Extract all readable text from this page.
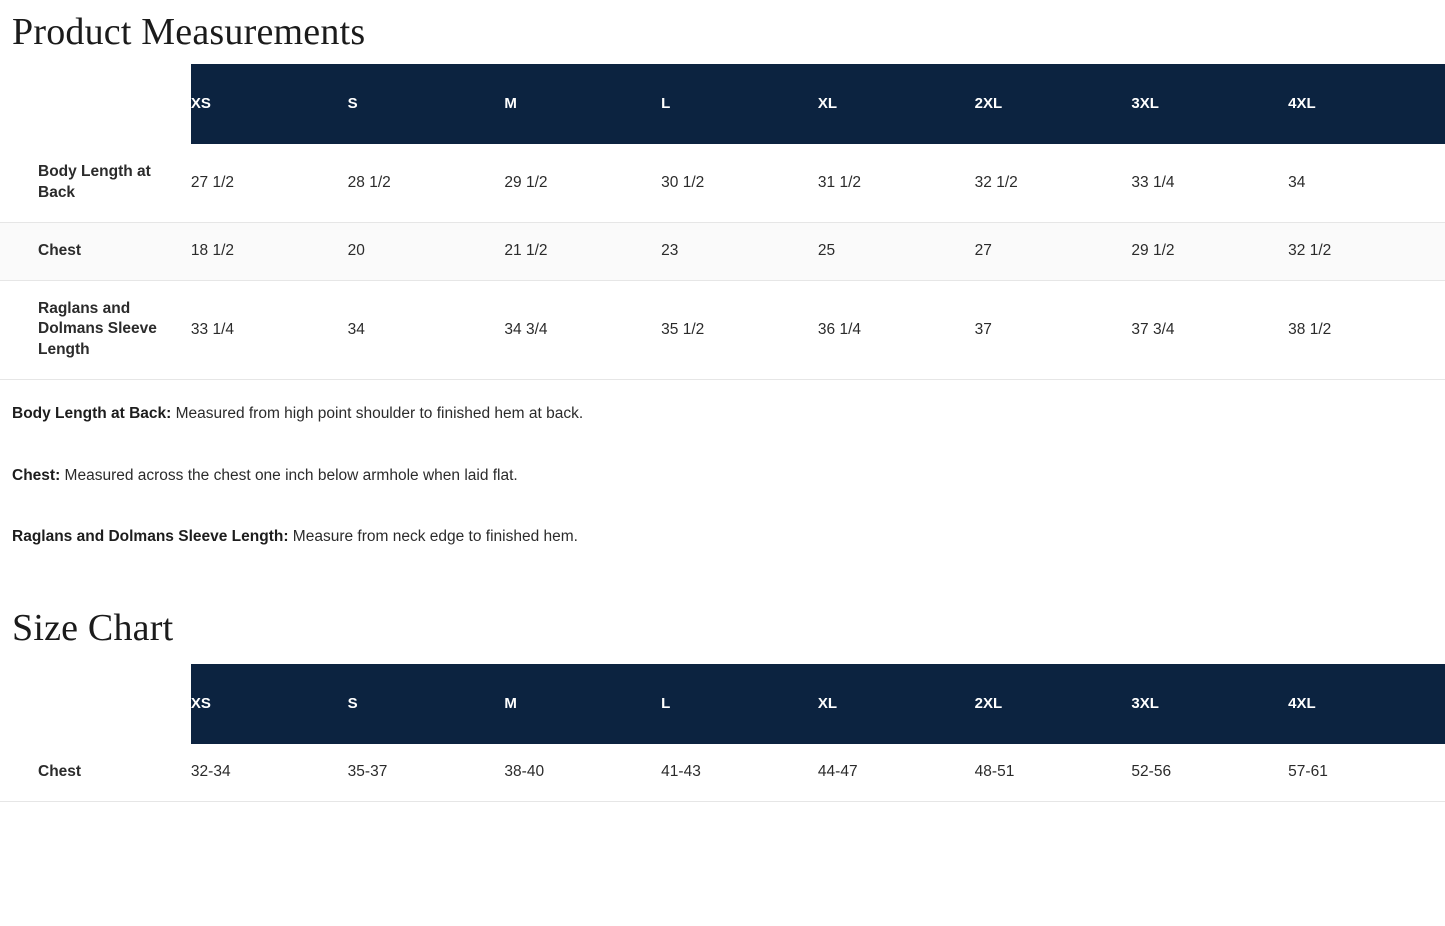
Product Measurements
	XS	S	M	L	XL	2XL	3XL	4XL
Body Length at Back	27 1/2	28 1/2	29 1/2	30 1/2	31 1/2	32 1/2	33 1/4	34
Chest	18 1/2	20	21 1/2	23	25	27	29 1/2	32 1/2
Raglans and Dolmans Sleeve Length	33 1/4	34	34 3/4	35 1/2	36 1/4	37	37 3/4	38 1/2

Body Length at Back: Measured from high point shoulder to finished hem at back.

Chest: Measured across the chest one inch below armhole when laid flat.

Raglans and Dolmans Sleeve Length: Measure from neck edge to finished hem.

Size Chart
	XS	S	M	L	XL	2XL	3XL	4XL
Chest	32-34	35-37	38-40	41-43	44-47	48-51	52-56	57-61
